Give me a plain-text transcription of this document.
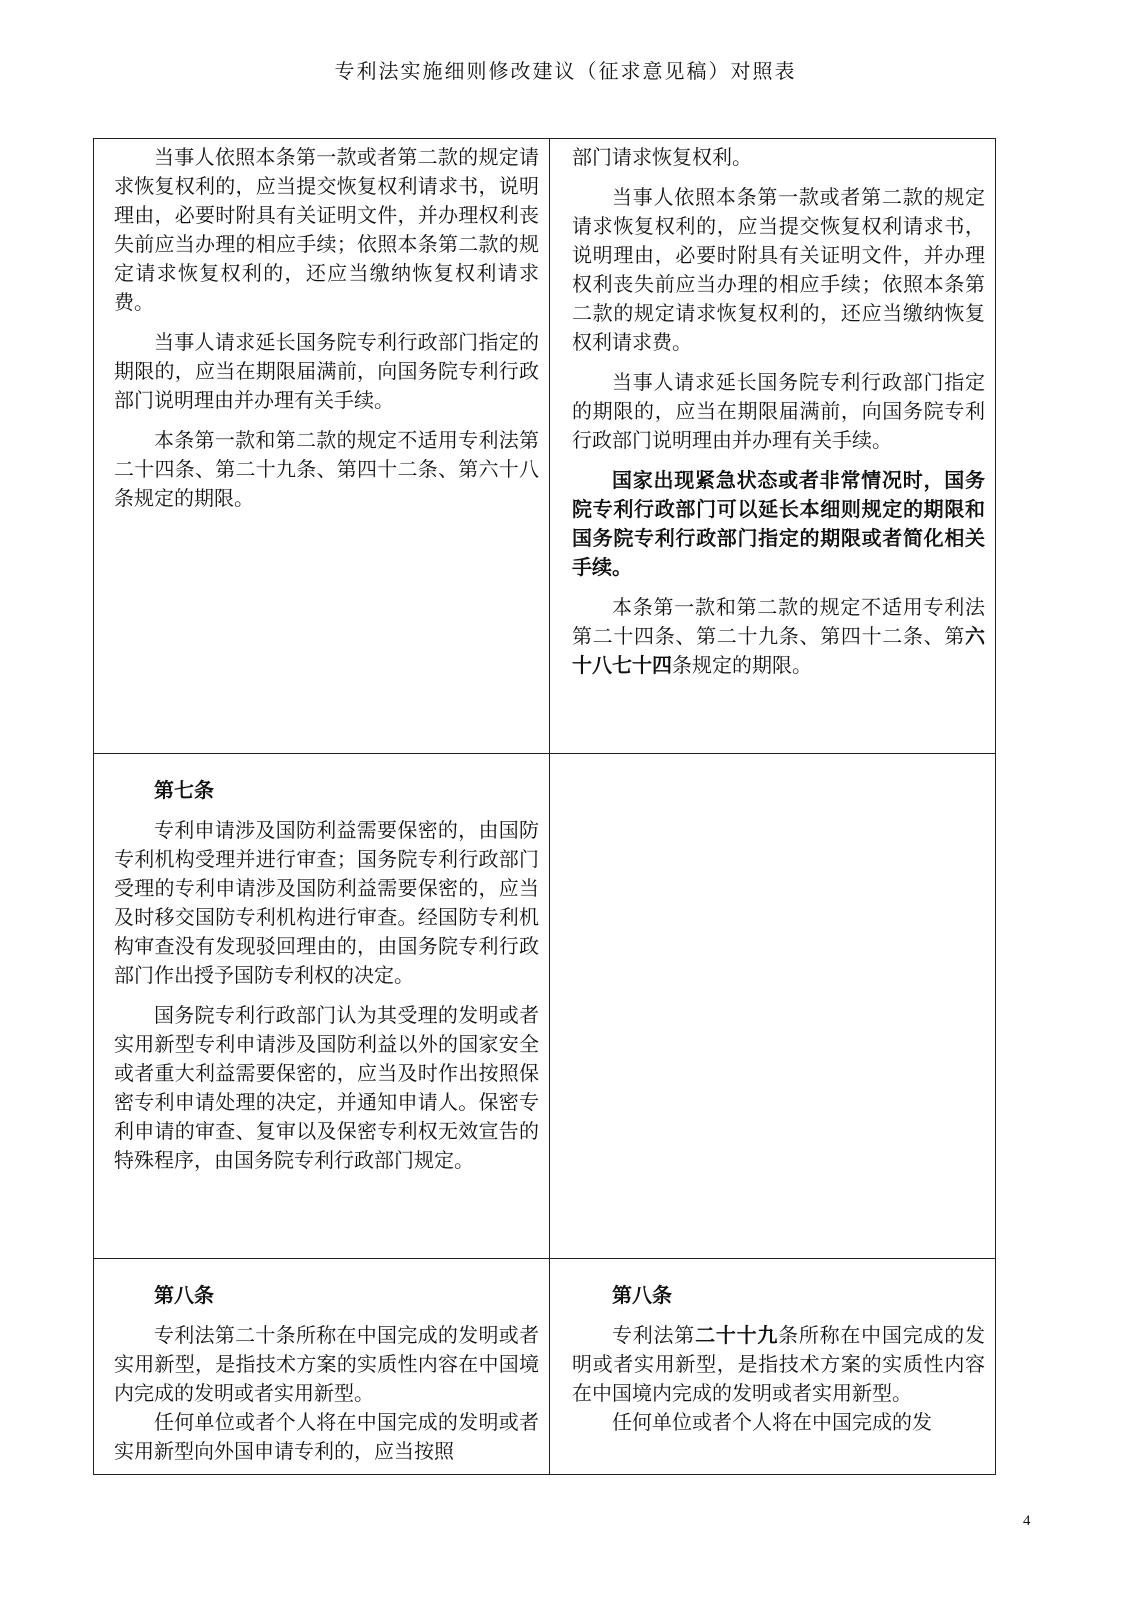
专利法实施细则修改建议（征求意见稿）对照表

当事人依照本条第一款或者第二款的规定请求恢复权利的，应当提交恢复权利请求书，说明理由，必要时附具有关证明文件，并办理权利丧失前应当办理的相应手续；依照本条第二款的规定请求恢复权利的，还应当缴纳恢复权利请求费。

当事人请求延长国务院专利行政部门指定的期限的，应当在期限届满前，向国务院专利行政部门说明理由并办理有关手续。

本条第一款和第二款的规定不适用专利法第二十四条、第二十九条、第四十二条、第六十八条规定的期限。

部门请求恢复权利。

当事人依照本条第一款或者第二款的规定请求恢复权利的，应当提交恢复权利请求书，说明理由，必要时附具有关证明文件，并办理权利丧失前应当办理的相应手续；依照本条第二款的规定请求恢复权利的，还应当缴纳恢复权利请求费。

当事人请求延长国务院专利行政部门指定的期限的，应当在期限届满前，向国务院专利行政部门说明理由并办理有关手续。

国家出现紧急状态或者非常情况时，国务院专利行政部门可以延长本细则规定的期限和国务院专利行政部门指定的期限或者简化相关手续。

本条第一款和第二款的规定不适用专利法第二十四条、第二十九条、第四十二条、第六十八七十四条规定的期限。

第七条

专利申请涉及国防利益需要保密的，由国防专利机构受理并进行审查；国务院专利行政部门受理的专利申请涉及国防利益需要保密的，应当及时移交国防专利机构进行审查。经国防专利机构审查没有发现驳回理由的，由国务院专利行政部门作出授予国防专利权的决定。

国务院专利行政部门认为其受理的发明或者实用新型专利申请涉及国防利益以外的国家安全或者重大利益需要保密的，应当及时作出按照保密专利申请处理的决定，并通知申请人。保密专利申请的审查、复审以及保密专利权无效宣告的特殊程序，由国务院专利行政部门规定。

第八条

专利法第二十条所称在中国完成的发明或者实用新型，是指技术方案的实质性内容在中国境内完成的发明或者实用新型。

任何单位或者个人将在中国完成的发明或者实用新型向外国申请专利的，应当按照

第八条

专利法第二十十九条所称在中国完成的发明或者实用新型，是指技术方案的实质性内容在中国境内完成的发明或者实用新型。

任何单位或者个人将在中国完成的发

4
